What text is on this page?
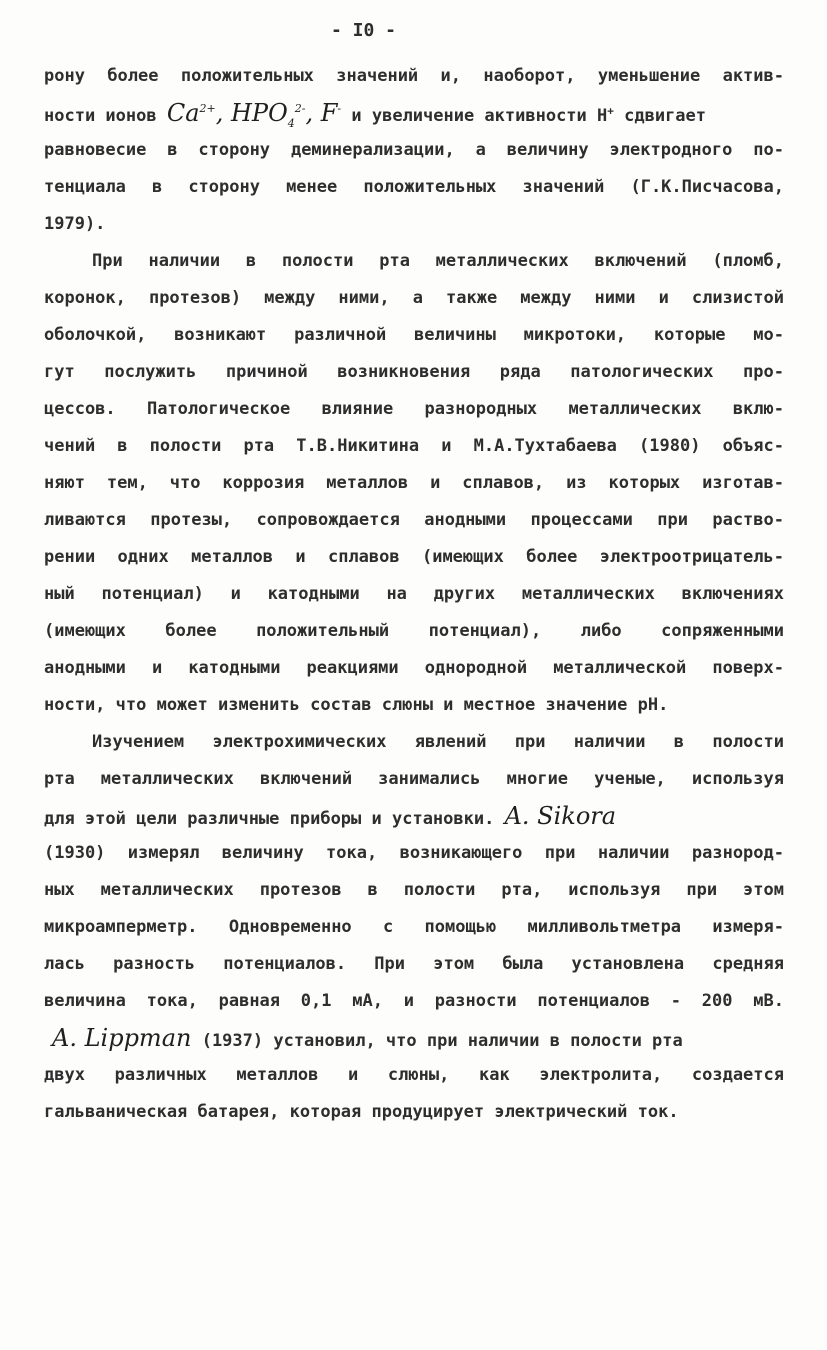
- I0 -
рону более положительных значений и, наоборот, уменьшение актив-
ности ионов $Ca^{2+}$, $HPO_4^{2-}$, F- и увеличение активности Н+ сдвигает
равновесие в сторону деминерализации, а величину электродного по-
тенциала в сторону менее положительных значений (Г.К.Писчасова,
1979).
При наличии в полости рта металлических включений (пломб,
коронок, протезов) между ними, а также между ними и слизистой
оболочкой, возникают различной величины микротоки, которые мо-
гут послужить причиной возникновения ряда патологических про-
цессов. Патологическое влияние разнородных металлических вклю-
чений в полости рта Т.В.Никитина и М.А.Тухтабаева (1980) объяс-
няют тем, что коррозия металлов и сплавов, из которых изготав-
ливаются протезы, сопровождается анодными процессами при раство-
рении одних металлов и сплавов (имеющих более электроотрицатель-
ный потенциал) и катодными на других металлических включениях
(имеющих более положительный потенциал), либо сопряженными
анодными и катодными реакциями однородной металлической поверх-
ности, что может изменить состав слюны и местное значение рН.
Изучением электрохимических явлений при наличии в полости
рта металлических включений занимались многие ученые, используя
для этой цели различные приборы и установки. A. Sikora
(1930) измерял величину тока, возникающего при наличии разнород-
ных металлических протезов в полости рта, используя при этом
микроамперметр. Одновременно с помощью милливольтметра измеря-
лась разность потенциалов. При этом была установлена средняя
величина тока, равная 0,1 мА, и разности потенциалов - 200 мВ.
A. Lippman (1937) установил, что при наличии в полости рта
двух различных металлов и слюны, как электролита, создается
гальваническая батарея, которая продуцирует электрический ток.
